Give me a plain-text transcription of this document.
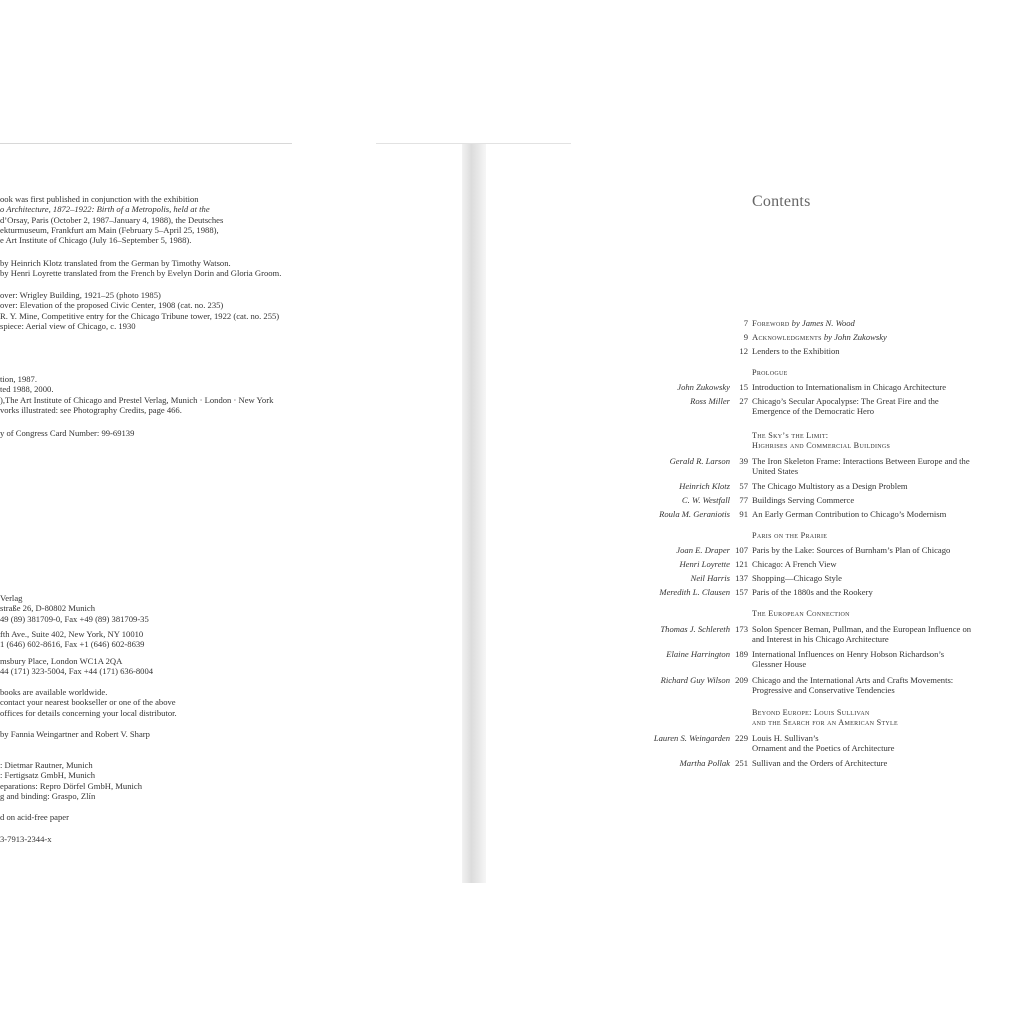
ook was first published in conjunction with the exhibition
o Architecture, 1872–1922: Birth of a Metropolis, held at the
d’Orsay, Paris (October 2, 1987–January 4, 1988), the Deutsches
ekturmuseum, Frankfurt am Main (February 5–April 25, 1988),
e Art Institute of Chicago (July 16–September 5, 1988).
by Heinrich Klotz translated from the German by Timothy Watson.
by Henri Loyrette translated from the French by Evelyn Dorin and Gloria Groom.
over: Wrigley Building, 1921–25 (photo 1985)
over: Elevation of the proposed Civic Center, 1908 (cat. no. 235)
R. Y. Mine, Competitive entry for the Chicago Tribune tower, 1922 (cat. no. 255)
spiece: Aerial view of Chicago, c. 1930
tion, 1987.
ted 1988, 2000.
),The Art Institute of Chicago and Prestel Verlag, Munich · London · New York
vorks illustrated: see Photography Credits, page 466.
y of Congress Card Number: 99-69139
Verlag
straße 26, D-80802 Munich
49 (89) 381709-0, Fax +49 (89) 381709-35
fth Ave., Suite 402, New York, NY 10010
1 (646) 602-8616, Fax +1 (646) 602-8639
msbury Place, London WC1A 2QA
44 (171) 323-5004, Fax +44 (171) 636-8004
books are available worldwide.
contact your nearest bookseller or one of the above
offices for details concerning your local distributor.
by Fannia Weingartner and Robert V. Sharp
: Dietmar Rautner, Munich
: Fertigsatz GmbH, Munich
eparations: Repro Dörfel GmbH, Munich
g and binding: Graspo, Zlín
d on acid-free paper
3-7913-2344-x
Contents
7 Foreword by James N. Wood
9 Acknowledgments by John Zukowsky
12 Lenders to the Exhibition
Prologue
John Zukowsky	15 Introduction to Internationalism in Chicago Architecture
Ross Miller	27 Chicago’s Secular Apocalypse: The Great Fire and the
Emergence of the Democratic Hero
The Sky’s the Limit:
Highrises and Commercial Buildings
Gerald R. Larson	39 The Iron Skeleton Frame: Interactions Between Europe and the
United States
Heinrich Klotz	57 The Chicago Multistory as a Design Problem
C. W. Westfall	77 Buildings Serving Commerce
Roula M. Geraniotis	91 An Early German Contribution to Chicago’s Modernism
Paris on the Prairie
Joan E. Draper 107 Paris by the Lake: Sources of Burnham’s Plan of Chicago
Henri Loyrette 121 Chicago: A French View
Neil Harris 137 Shopping—Chicago Style
Meredith L. Clausen 157 Paris of the 1880s and the Rookery
The European Connection
Thomas J. Schlereth 173 Solon Spencer Beman, Pullman, and the European Influence on
and Interest in his Chicago Architecture
Elaine Harrington 189 International Influences on Henry Hobson Richardson’s
Glessner House
Richard Guy Wilson 209 Chicago and the International Arts and Crafts Movements:
Progressive and Conservative Tendencies
Beyond Europe: Louis Sullivan
and the Search for an American Style
Lauren S. Weingarden 229 Louis H. Sullivan’s
Ornament and the Poetics of Architecture
Martha Pollak 251 Sullivan and the Orders of Architecture
